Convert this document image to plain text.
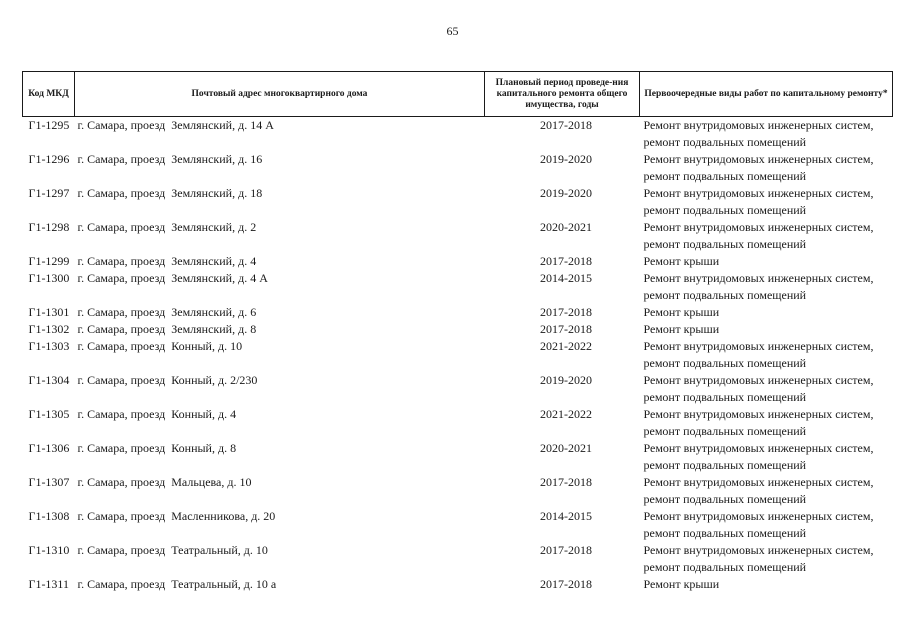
65
Код МКД	Почтовый адрес многоквартирного дома	Плановый период проведе-ния капитального ремонта общего имущества, годы	Первоочередные виды работ по капитальному ремонту*
Г1-1295	г. Самара, проезд Землянский, д. 14 А	2017-2018	Ремонт внутридомовых инженерных систем,
ремонт подвальных помещений

Г1-1296	г. Самара, проезд Землянский, д. 16	2019-2020	Ремонт внутридомовых инженерных систем,
ремонт подвальных помещений

Г1-1297	г. Самара, проезд Землянский, д. 18	2019-2020	Ремонт внутридомовых инженерных систем,
ремонт подвальных помещений

Г1-1298	г. Самара, проезд Землянский, д. 2	2020-2021	Ремонт внутридомовых инженерных систем,
ремонт подвальных помещений

Г1-1299	г. Самара, проезд Землянский, д. 4	2017-2018	Ремонт крыши

Г1-1300	г. Самара, проезд Землянский, д. 4 А	2014-2015	Ремонт внутридомовых инженерных систем,
ремонт подвальных помещений

Г1-1301	г. Самара, проезд Землянский, д. 6	2017-2018	Ремонт крыши

Г1-1302	г. Самара, проезд Землянский, д. 8	2017-2018	Ремонт крыши

Г1-1303	г. Самара, проезд Конный, д. 10	2021-2022	Ремонт внутридомовых инженерных систем,
ремонт подвальных помещений

Г1-1304	г. Самара, проезд Конный, д. 2/230	2019-2020	Ремонт внутридомовых инженерных систем,
ремонт подвальных помещений

Г1-1305	г. Самара, проезд Конный, д. 4	2021-2022	Ремонт внутридомовых инженерных систем,
ремонт подвальных помещений

Г1-1306	г. Самара, проезд Конный, д. 8	2020-2021	Ремонт внутридомовых инженерных систем,
ремонт подвальных помещений

Г1-1307	г. Самара, проезд Мальцева, д. 10	2017-2018	Ремонт внутридомовых инженерных систем,
ремонт подвальных помещений

Г1-1308	г. Самара, проезд Масленникова, д. 20	2014-2015	Ремонт внутридомовых инженерных систем,
ремонт подвальных помещений

Г1-1310	г. Самара, проезд Театральный, д. 10	2017-2018	Ремонт внутридомовых инженерных систем,
ремонт подвальных помещений

Г1-1311	г. Самара, проезд Театральный, д. 10 а	2017-2018	Ремонт крыши
